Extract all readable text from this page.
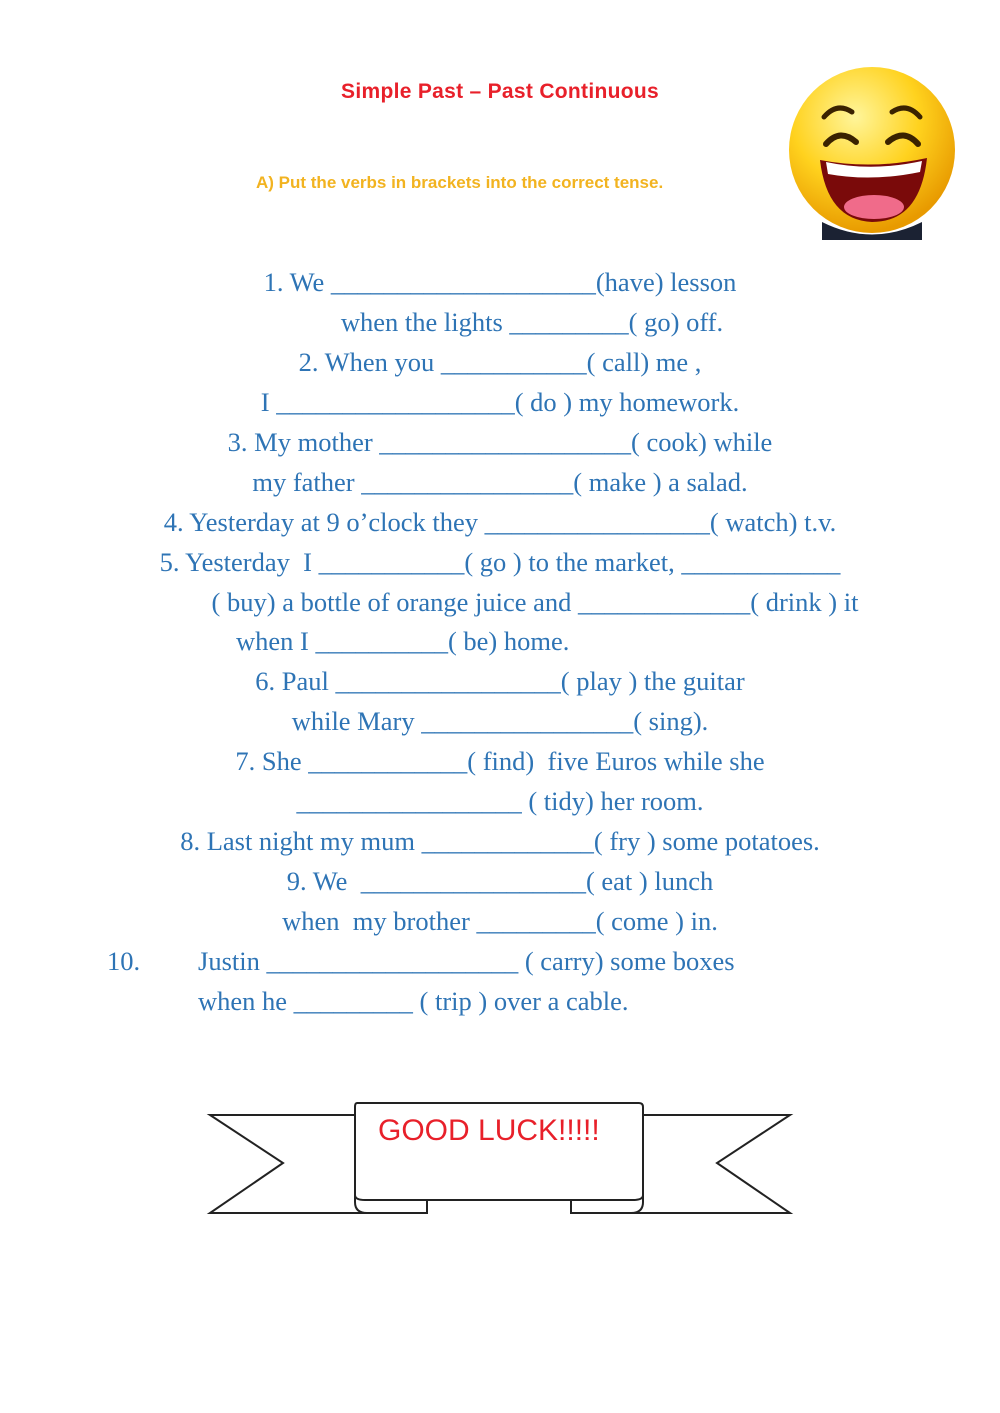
Simple Past – Past Continuous
A) Put the verbs in brackets into the correct tense.
1. We ____________________(have) lesson
when the lights _________( go) off.
2. When you ___________( call) me ,
I __________________( do ) my homework.
3. My mother ___________________( cook) while
my father ________________( make ) a salad.
4. Yesterday at 9 o’clock they _________________( watch) t.v.
5. Yesterday  I ___________( go ) to the market, ____________
( buy) a bottle of orange juice and _____________( drink ) it
when I __________( be) home.
6. Paul _________________( play ) the guitar
while Mary ________________( sing).
7. She ____________( find)  five Euros while she
_________________ ( tidy) her room.
8. Last night my mum _____________( fry ) some potatoes.
9. We  _________________( eat ) lunch
when  my brother _________( come ) in.
10. Justin ___________________ ( carry) some boxes
when he _________ ( trip ) over a cable.
GOOD LUCK!!!!!
